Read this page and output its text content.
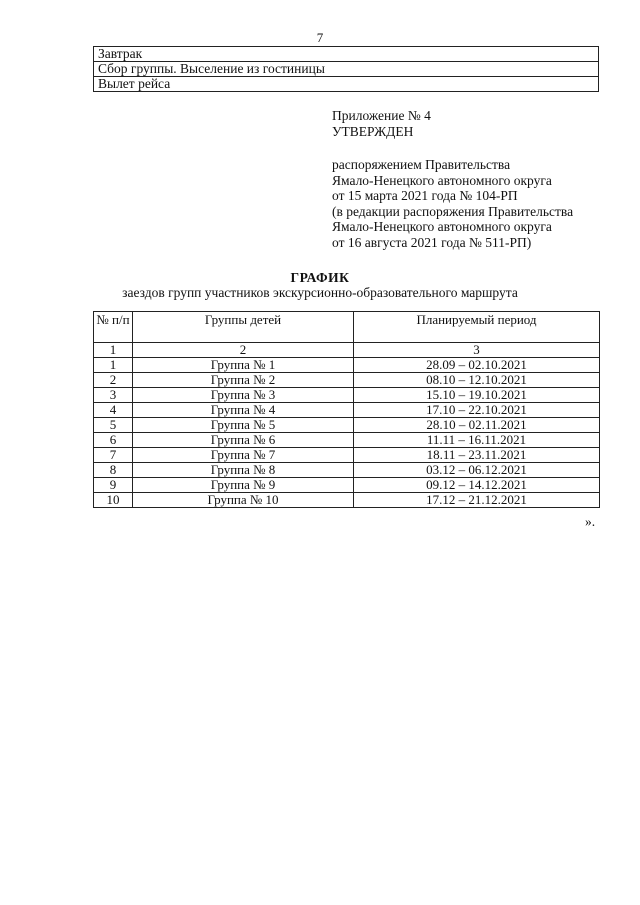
7
Завтрак
Сбор группы. Выселение из гостиницы
Вылет рейса
Приложение № 4
УТВЕРЖДЕН
распоряжением Правительства
Ямало-Ненецкого автономного округа
от 15 марта 2021 года № 104-РП
(в редакции распоряжения Правительства
Ямало-Ненецкого автономного округа
от 16 августа 2021 года № 511-РП)
ГРАФИК
заездов групп участников экскурсионно-образовательного маршрута
№ п/п	Группы детей	Планируемый период
1	2	3
1	Группа № 1	28.09 – 02.10.2021
2	Группа № 2	08.10 – 12.10.2021
3	Группа № 3	15.10 – 19.10.2021
4	Группа № 4	17.10 – 22.10.2021
5	Группа № 5	28.10 – 02.11.2021
6	Группа № 6	11.11 – 16.11.2021
7	Группа № 7	18.11 – 23.11.2021
8	Группа № 8	03.12 – 06.12.2021
9	Группа № 9	09.12 – 14.12.2021
10	Группа № 10	17.12 – 21.12.2021
».
